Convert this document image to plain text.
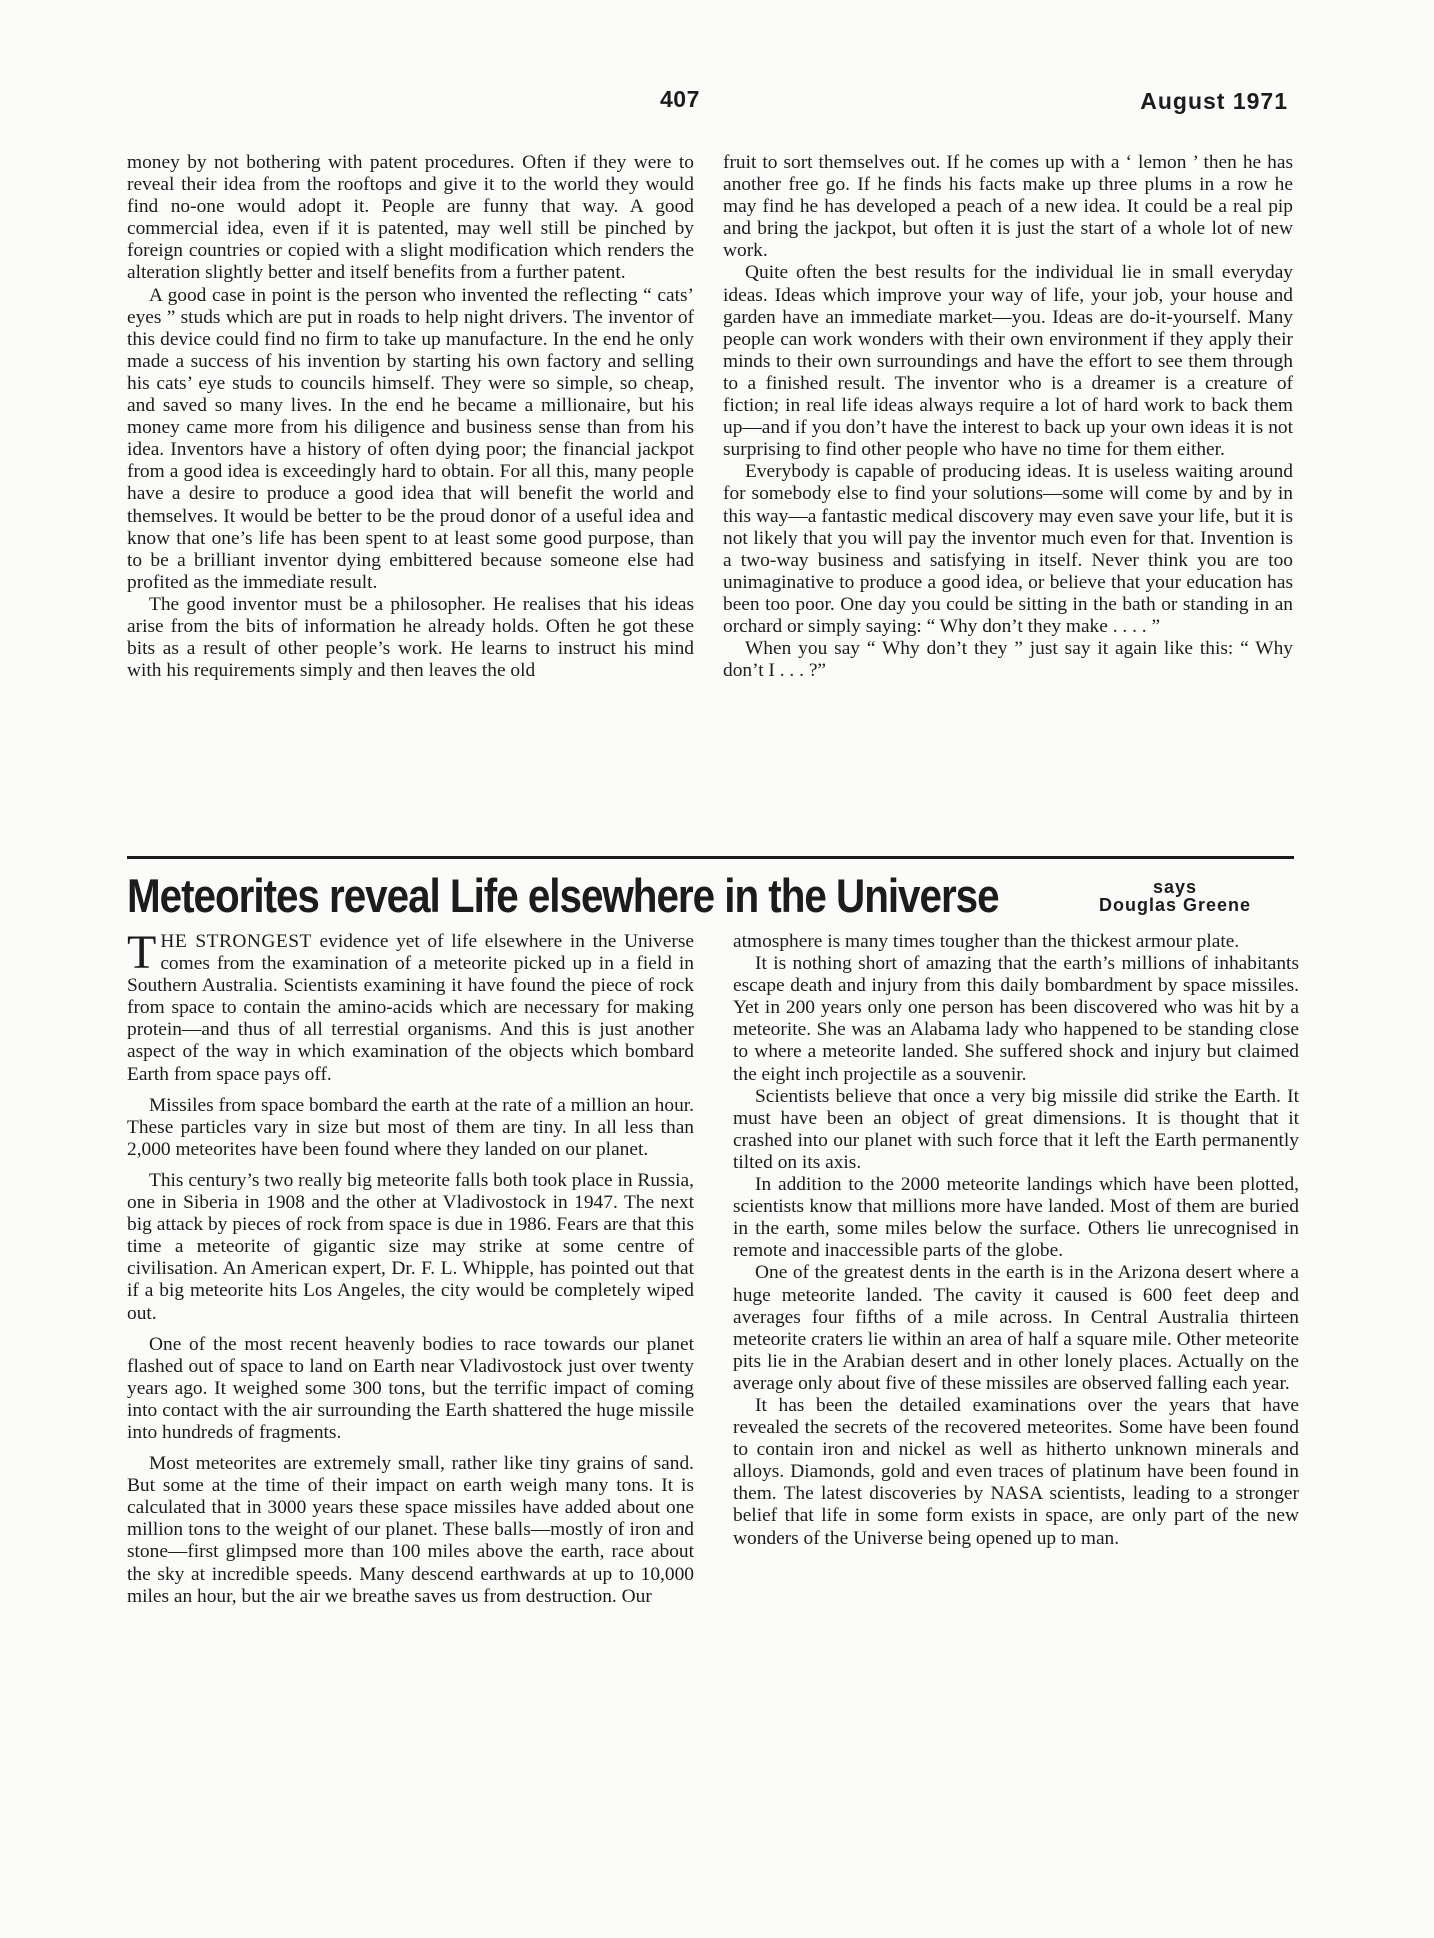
407	August 1971

money by not bothering with patent procedures. Often if they were to reveal their idea from the rooftops and give it to the world they would find no-one would adopt it. People are funny that way. A good commercial idea, even if it is patented, may well still be pinched by foreign countries or copied with a slight modification which renders the alteration slightly better and itself benefits from a further patent.

A good case in point is the person who invented the reflecting “ cats’ eyes ” studs which are put in roads to help night drivers. The inventor of this device could find no firm to take up manufacture. In the end he only made a success of his invention by starting his own factory and selling his cats’ eye studs to councils himself. They were so simple, so cheap, and saved so many lives. In the end he became a millionaire, but his money came more from his diligence and business sense than from his idea. Inventors have a history of often dying poor; the financial jackpot from a good idea is exceedingly hard to obtain. For all this, many people have a desire to produce a good idea that will benefit the world and themselves. It would be better to be the proud donor of a useful idea and know that one’s life has been spent to at least some good purpose, than to be a brilliant inventor dying embittered because someone else had profited as the immediate result.

The good inventor must be a philosopher. He realises that his ideas arise from the bits of information he already holds. Often he got these bits as a result of other people’s work. He learns to instruct his mind with his requirements simply and then leaves the old

fruit to sort themselves out. If he comes up with a ‘ lemon ’ then he has another free go. If he finds his facts make up three plums in a row he may find he has developed a peach of a new idea. It could be a real pip and bring the jackpot, but often it is just the start of a whole lot of new work.

Quite often the best results for the individual lie in small everyday ideas. Ideas which improve your way of life, your job, your house and garden have an immediate market—you. Ideas are do-it-yourself. Many people can work wonders with their own environment if they apply their minds to their own surroundings and have the effort to see them through to a finished result. The inventor who is a dreamer is a creature of fiction; in real life ideas always require a lot of hard work to back them up—and if you don’t have the interest to back up your own ideas it is not surprising to find other people who have no time for them either.

Everybody is capable of producing ideas. It is useless waiting around for somebody else to find your solutions—some will come by and by in this way—a fantastic medical discovery may even save your life, but it is not likely that you will pay the inventor much even for that. Invention is a two-way business and satisfying in itself. Never think you are too unimaginative to produce a good idea, or believe that your education has been too poor. One day you could be sitting in the bath or standing in an orchard or simply saying: “ Why don’t they make . . . . ”

When you say “ Why don’t they ” just say it again like this: “ Why don’t I . . . ?”

Meteorites reveal Life elsewhere in the Universe	says
Douglas Greene

THE STRONGEST evidence yet of life elsewhere in the Universe comes from the examination of a meteorite picked up in a field in Southern Australia. Scientists examining it have found the piece of rock from space to contain the amino-acids which are necessary for making protein—and thus of all terrestial organisms. And this is just another aspect of the way in which examination of the objects which bombard Earth from space pays off.

Missiles from space bombard the earth at the rate of a million an hour. These particles vary in size but most of them are tiny. In all less than 2,000 meteorites have been found where they landed on our planet.

This century’s two really big meteorite falls both took place in Russia, one in Siberia in 1908 and the other at Vladivostock in 1947. The next big attack by pieces of rock from space is due in 1986. Fears are that this time a meteorite of gigantic size may strike at some centre of civilisation. An American expert, Dr. F. L. Whipple, has pointed out that if a big meteorite hits Los Angeles, the city would be completely wiped out.

One of the most recent heavenly bodies to race towards our planet flashed out of space to land on Earth near Vladivostock just over twenty years ago. It weighed some 300 tons, but the terrific impact of coming into contact with the air surrounding the Earth shattered the huge missile into hundreds of fragments.

Most meteorites are extremely small, rather like tiny grains of sand. But some at the time of their impact on earth weigh many tons. It is calculated that in 3000 years these space missiles have added about one million tons to the weight of our planet. These balls—mostly of iron and stone—first glimpsed more than 100 miles above the earth, race about the sky at incredible speeds. Many descend earthwards at up to 10,000 miles an hour, but the air we breathe saves us from destruction. Our

atmosphere is many times tougher than the thickest armour plate.

It is nothing short of amazing that the earth’s millions of inhabitants escape death and injury from this daily bombardment by space missiles. Yet in 200 years only one person has been discovered who was hit by a meteorite. She was an Alabama lady who happened to be standing close to where a meteorite landed. She suffered shock and injury but claimed the eight inch projectile as a souvenir.

Scientists believe that once a very big missile did strike the Earth. It must have been an object of great dimensions. It is thought that it crashed into our planet with such force that it left the Earth permanently tilted on its axis.

In addition to the 2000 meteorite landings which have been plotted, scientists know that millions more have landed. Most of them are buried in the earth, some miles below the surface. Others lie unrecognised in remote and inaccessible parts of the globe.

One of the greatest dents in the earth is in the Arizona desert where a huge meteorite landed. The cavity it caused is 600 feet deep and averages four fifths of a mile across. In Central Australia thirteen meteorite craters lie within an area of half a square mile. Other meteorite pits lie in the Arabian desert and in other lonely places. Actually on the average only about five of these missiles are observed falling each year.

It has been the detailed examinations over the years that have revealed the secrets of the recovered meteorites. Some have been found to contain iron and nickel as well as hitherto unknown minerals and alloys. Diamonds, gold and even traces of platinum have been found in them. The latest discoveries by NASA scientists, leading to a stronger belief that life in some form exists in space, are only part of the new wonders of the Universe being opened up to man.
